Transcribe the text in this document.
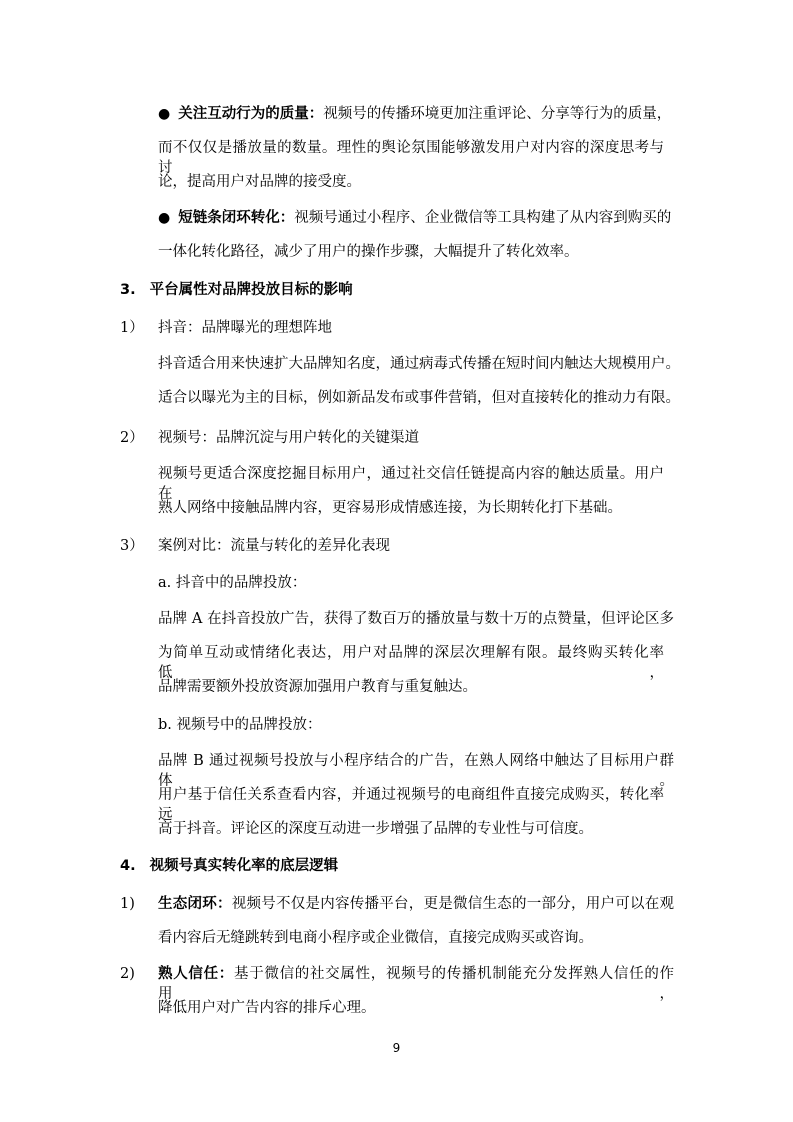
● 关注互动行为的质量：视频号的传播环境更加注重评论、分享等行为的质量，
而不仅仅是播放量的数量。理性的舆论氛围能够激发用户对内容的深度思考与讨
论，提高用户对品牌的接受度。
● 短链条闭环转化：视频号通过小程序、企业微信等工具构建了从内容到购买的
一体化转化路径，减少了用户的操作步骤，大幅提升了转化效率。
3. 平台属性对品牌投放目标的影响
1） 抖音：品牌曝光的理想阵地
抖音适合用来快速扩大品牌知名度，通过病毒式传播在短时间内触达大规模用户。
适合以曝光为主的目标，例如新品发布或事件营销，但对直接转化的推动力有限。
2） 视频号：品牌沉淀与用户转化的关键渠道
视频号更适合深度挖掘目标用户，通过社交信任链提高内容的触达质量。用户在
熟人网络中接触品牌内容，更容易形成情感连接，为长期转化打下基础。
3） 案例对比：流量与转化的差异化表现
a. 抖音中的品牌投放：
品牌 A 在抖音投放广告，获得了数百万的播放量与数十万的点赞量，但评论区多
为简单互动或情绪化表达，用户对品牌的深层次理解有限。最终购买转化率低，
品牌需要额外投放资源加强用户教育与重复触达。
b. 视频号中的品牌投放：
品牌 B 通过视频号投放与小程序结合的广告，在熟人网络中触达了目标用户群体。
用户基于信任关系查看内容，并通过视频号的电商组件直接完成购买，转化率远
高于抖音。评论区的深度互动进一步增强了品牌的专业性与可信度。
4. 视频号真实转化率的底层逻辑
1) 生态闭环：视频号不仅是内容传播平台，更是微信生态的一部分，用户可以在观
看内容后无缝跳转到电商小程序或企业微信，直接完成购买或咨询。
2) 熟人信任：基于微信的社交属性，视频号的传播机制能充分发挥熟人信任的作用，
降低用户对广告内容的排斥心理。
9
